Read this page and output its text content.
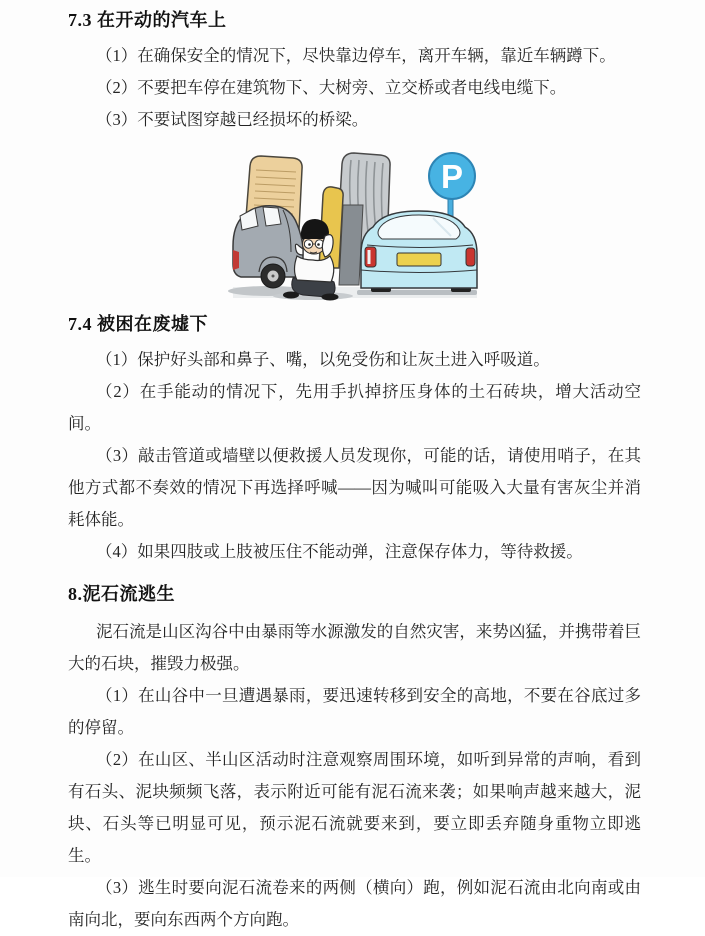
7.3 在开动的汽车上

（1）在确保安全的情况下，尽快靠边停车，离开车辆，靠近车辆蹲下。

（2）不要把车停在建筑物下、大树旁、立交桥或者电线电缆下。

（3）不要试图穿越已经损坏的桥梁。

P
7.4 被困在废墟下

（1）保护好头部和鼻子、嘴，以免受伤和让灰土进入呼吸道。

（2）在手能动的情况下，先用手扒掉挤压身体的土石砖块，增大活动空间。

（3）敲击管道或墙壁以便救援人员发现你，可能的话，请使用哨子，在其他方式都不奏效的情况下再选择呼喊——因为喊叫可能吸入大量有害灰尘并消耗体能。

（4）如果四肢或上肢被压住不能动弹，注意保存体力，等待救援。

8.泥石流逃生

泥石流是山区沟谷中由暴雨等水源激发的自然灾害，来势凶猛，并携带着巨大的石块，摧毁力极强。

（1）在山谷中一旦遭遇暴雨，要迅速转移到安全的高地，不要在谷底过多的停留。

（2）在山区、半山区活动时注意观察周围环境，如听到异常的声响，看到有石头、泥块频频飞落，表示附近可能有泥石流来袭；如果响声越来越大，泥块、石头等已明显可见，预示泥石流就要来到，要立即丢弃随身重物立即逃生。

（3）逃生时要向泥石流卷来的两侧（横向）跑，例如泥石流由北向南或由南向北，要向东西两个方向跑。
